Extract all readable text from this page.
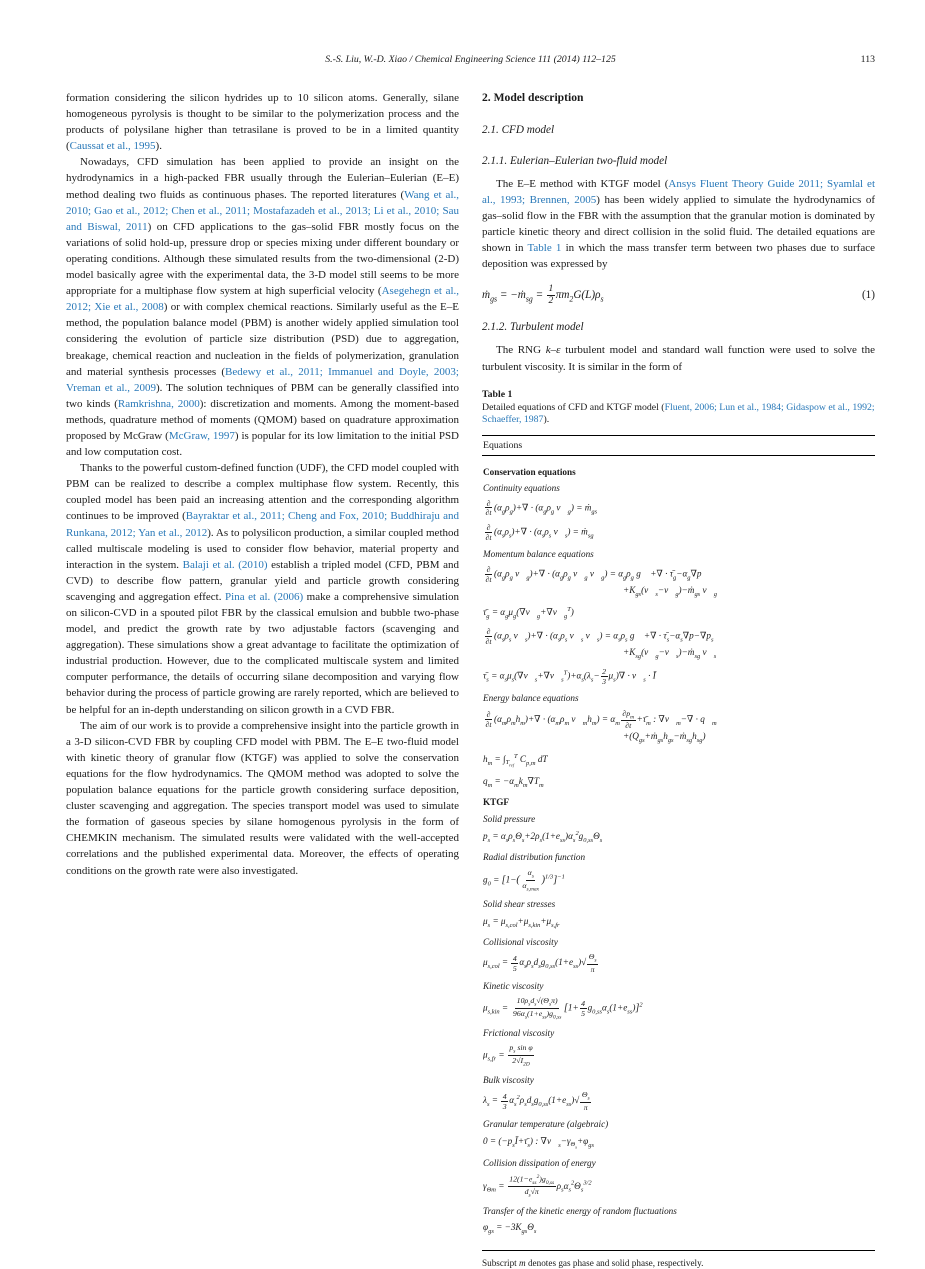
S.-S. Liu, W.-D. Xiao / Chemical Engineering Science 111 (2014) 112–125	113

formation considering the silicon hydrides up to 10 silicon atoms. Generally, silane homogeneous pyrolysis is thought to be similar to the polymerization process and the products of polysilane higher than tetrasilane is proved to be in a limited quantity (Caussat et al., 1995).

Nowadays, CFD simulation has been applied to provide an insight on the hydrodynamics in a high-packed FBR usually through the Eulerian–Eulerian (E–E) method dealing two fluids as continuous phases. The reported literatures (Wang et al., 2010; Gao et al., 2012; Chen et al., 2011; Mostafazadeh et al., 2013; Li et al., 2010; Sau and Biswal, 2011) on CFD applications to the gas–solid FBR mostly focus on the variations of solid hold-up, pressure drop or species mixing under different boundary or operating conditions. Although these simulated results from the two-dimensional (2-D) model basically agree with the experimental data, the 3-D model still seems to be more appropriate for a multiphase flow system at high superficial velocity (Asegehegn et al., 2012; Xie et al., 2008) or with complex chemical reactions. Similarly useful as the E–E method, the population balance model (PBM) is another widely applied simulation tool considering the evolution of particle size distribution (PSD) due to aggregation, breakage, chemical reaction and nucleation in the fields of polymerization, granulation and material synthesis processes (Bedewy et al., 2011; Immanuel and Doyle, 2003; Vreman et al., 2009). The solution techniques of PBM can be generally classified into two kinds (Ramkrishna, 2000): discretization and moments. Among the moment-based methods, quadrature method of moments (QMOM) based on quadrature approximation proposed by McGraw (McGraw, 1997) is popular for its low limitation to the initial PSD and low computation cost.

Thanks to the powerful custom-defined function (UDF), the CFD model coupled with PBM can be realized to describe a complex multiphase flow system. Recently, this coupled model has been paid an increasing attention and the corresponding algorithm continues to be improved (Bayraktar et al., 2011; Cheng and Fox, 2010; Buddhiraju and Runkana, 2012; Yan et al., 2012). As to polysilicon production, a similar coupled method called multiscale modeling is used to consider flow behavior, material property and interaction in the system. Balaji et al. (2010) establish a tripled model (CFD, PBM and CVD) to describe flow pattern, granular yield and particle growth considering scavenging and aggregation effect. Pina et al. (2006) make a comprehensive simulation on silicon-CVD in a spouted pilot FBR by the classical emulsion and bubble two-phase model, and predict the growth rate by two adjustable factors (scavenging and aggregation). These simulations show a great advantage to facilitate the optimization of industrial production. However, due to the complicated multiscale system and limited computer performance, the details of occurring silane decomposition and varying flow behavior during the process of particle growing are rarely reported, which are believed to be helpful for an in-depth understanding on silicon growth in a CVD FBR.

The aim of our work is to provide a comprehensive insight into the particle growth in a 3-D silicon-CVD FBR by coupling CFD model with PBM. The E–E two-fluid model with kinetic theory of granular flow (KTGF) was applied to solve the conservation equations for the flow hydrodynamics. The QMOM method was adopted to solve the population balance equations for the particle growth considering surface deposition, cluster scavenging and aggregation. The species transport model was used to simulate the formation of gaseous species by silane homogenous pyrolysis in the form of CHEMKIN mechanism. The simulated results were validated with the well-accepted correlations and the published experimental data. Moreover, the effects of operating conditions on the growth rate were also investigated.

2. Model description
2.1. CFD model
2.1.1. Eulerian–Eulerian two-fluid model

The E–E method with KTGF model (Ansys Fluent Theory Guide 2011; Syamlal et al., 1993; Brennen, 2005) has been widely applied to simulate the hydrodynamics of gas–solid flow in the FBR with the assumption that the granular motion is dominated by particle kinetic theory and direct collision in the solid fluid. The detailed equations are shown in Table 1 in which the mass transfer term between two phases due to surface deposition was expressed by

ṁ$_{gs}$ = −ṁ$_{sg}$ = $\frac{1}{2} \pi m_2G(L)\rho_s$	(1)
2.1.2. Turbulent model

The RNG k–ε turbulent model and standard wall function were used to solve the turbulent viscosity. It is similar in the form of

Table 1
Detailed equations of CFD and KTGF model (Fluent, 2006; Lun et al., 1984; Gidaspow et al., 1992; Schaeffer, 1987).
Equations
Conservation equations
Continuity equations
$\frac{\partial}{\partial t} (\alpha_g\rho_g)+\nabla \cdot (\alpha_g\rho_g$ $v⃗_g$) = ṁ$_{gs}$
$\frac{\partial}{\partial t} (\alpha_s\rho_s)+\nabla \cdot (\alpha_s\rho_s$ $v⃗_s$) = ṁ$_{sg}$
Momentum balance equations
$\frac{\partial}{\partial t} (\alpha_g\rho_g$ $v⃗_g)+\nabla \cdot (\alpha_g\rho_g$ $v⃗_g$ $v⃗_g) = \alpha_g\rho_g$ g⃗ +∇ · $\taū_g-\alpha_g\nabla p$
$+K_{gs}(v⃗_s-v⃗_g)-ṁ_{gs}$ $v⃗_g$
$\taū_g$ = $\alpha_g\mu_g(\nabla v⃗_g+\nabla v⃗_g^T)$
$\frac{\partial}{\partial t} (\alpha_s\rho_s$ $v⃗_s)+\nabla \cdot (\alpha_s\rho_s$ $v⃗_s$ $v⃗_s) = \alpha_s\rho_s$ g⃗ +∇ · $\taū_s-\alpha_s\nabla p-\nabla p_s$
$+K_{sg}(v⃗_g-v⃗_s)-ṁ_{sg}$ $v⃗_s$
$\taū_s$ = $\alpha_s\mu_s(\nabla v⃗_s+\nabla v⃗_s^T)+\alpha_s(\lambda_s- \frac{2}{3} \mu_s)\nabla$ · $v⃗_s$ · Ī
Energy balance equations
$\frac{\partial}{\partial t} (\alpha_m\rho_mh_m)+\nabla \cdot (\alpha_m\rho_m$ $v⃗_mh_m) = \alpha_m \frac{\partial p_m}{\partial t}$ $+\taū_m$ : $\nabla v⃗_m-\nabla$ · $q⃗_m$
$+(Q_{gs}+ṁ_{gs}h_{gs}-ṁ_{sg}h_{sg})$
$h_m = \int_{T_{ref}}^T$ $C_{p,m}$ dT
$q_m = -\alpha_mk_m\nabla T_m$
KTGF
Solid pressure
$p_s = \alpha_s\rho_s\Theta_s+2\rho_s(1+e_{ss})\alpha_s^2g_{0,ss}\Theta_s$
Radial distribution function
$g_0 = [1-( \frac{\alpha_s}{\alpha_{s,max}} )^{1/3}]^{-1}$
Solid shear stresses
$\mu_s = \mu_{s,col}+\mu_{s,kin}+\mu_{s,fr}$
Collisional viscosity
$\mu_{s,col} = \frac{4}{5} \alpha_s\rho_sd_sg_{0,ss}(1+e_{ss})√ \frac{\Theta_s}{\pi}$
Kinetic viscosity
$\mu_{s,kin} = \frac{10\rho_sd_s√(\Theta_s\pi)}{96\alpha_s(1+e_{ss})g_{0,ss}} [1+ \frac{4}{5} g_{0,ss}\alpha_s(1+e_{ss})]^2$
Frictional viscosity
$\mu_{s,fr} = \frac{p_s \sin \varphi}{2√I_{2D}}$
Bulk viscosity
$\lambda_s = \frac{4}{3} \alpha_s^2\rho_sd_sg_{0,ss}(1+e_{ss})√ \frac{\Theta_s}{\pi}$
Granular temperature (algebraic)
$0 = (-p_sĪ+\taū_s)$ : $\nabla v⃗_s-\gamma_{\Theta_s}+\varphi_{gs}$
Collision dissipation of energy
$\gamma_{\Theta m} = \frac{12(1-e_{ss}^2)g_{0,ss}}{d_s√\pi} \rho_s\alpha_s^2\Theta_s^{3/2}$
Transfer of the kinetic energy of random fluctuations
$\varphi_{gs} = -3K_{gs}\Theta_s$
Subscript m denotes gas phase and solid phase, respectively.
